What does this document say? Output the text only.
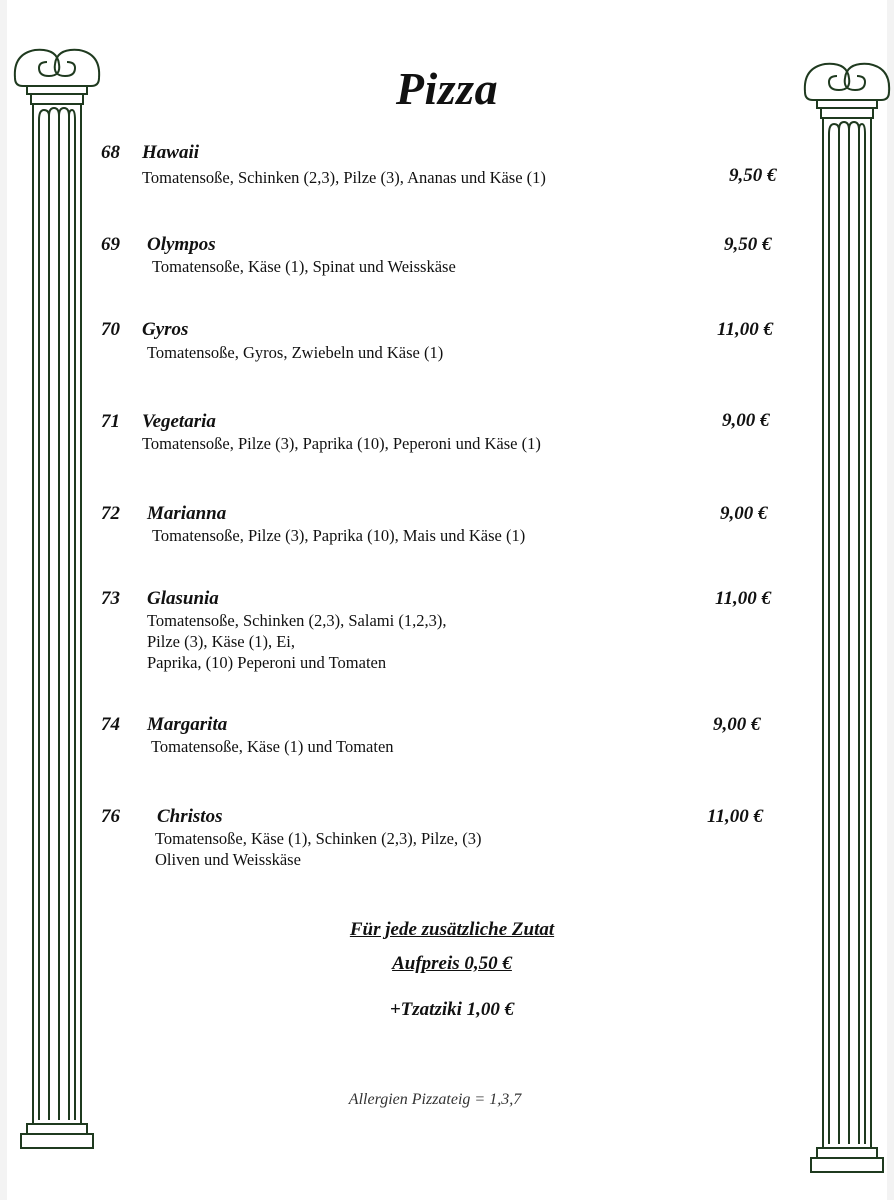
Pizza
68 Hawaii
Tomatensoße, Schinken (2,3), Pilze (3), Ananas und Käse (1)	9,50 €
69 Olympos
Tomatensoße, Käse (1), Spinat und Weisskäse
9,50 €
70 Gyros
Tomatensoße, Gyros, Zwiebeln und Käse (1)
11,00 €
71 Vegetaria
Tomatensoße, Pilze (3), Paprika (10), Peperoni und Käse (1)
9,00 €
72 Marianna
Tomatensoße, Pilze (3), Paprika (10), Mais und Käse (1)
9,00 €
73 Glasunia
Tomatensoße, Schinken (2,3), Salami (1,2,3),
Pilze (3), Käse (1), Ei,
Paprika, (10) Peperoni und Tomaten
11,00 €
74 Margarita
Tomatensoße, Käse (1) und Tomaten
9,00 €
76 Christos
Tomatensoße, Käse (1), Schinken (2,3), Pilze, (3)
Oliven und Weisskäse
11,00 €
Für jede zusätzliche Zutat
Aufpreis 0,50 €
+Tzatziki 1,00 €
Allergien Pizzateig = 1,3,7
